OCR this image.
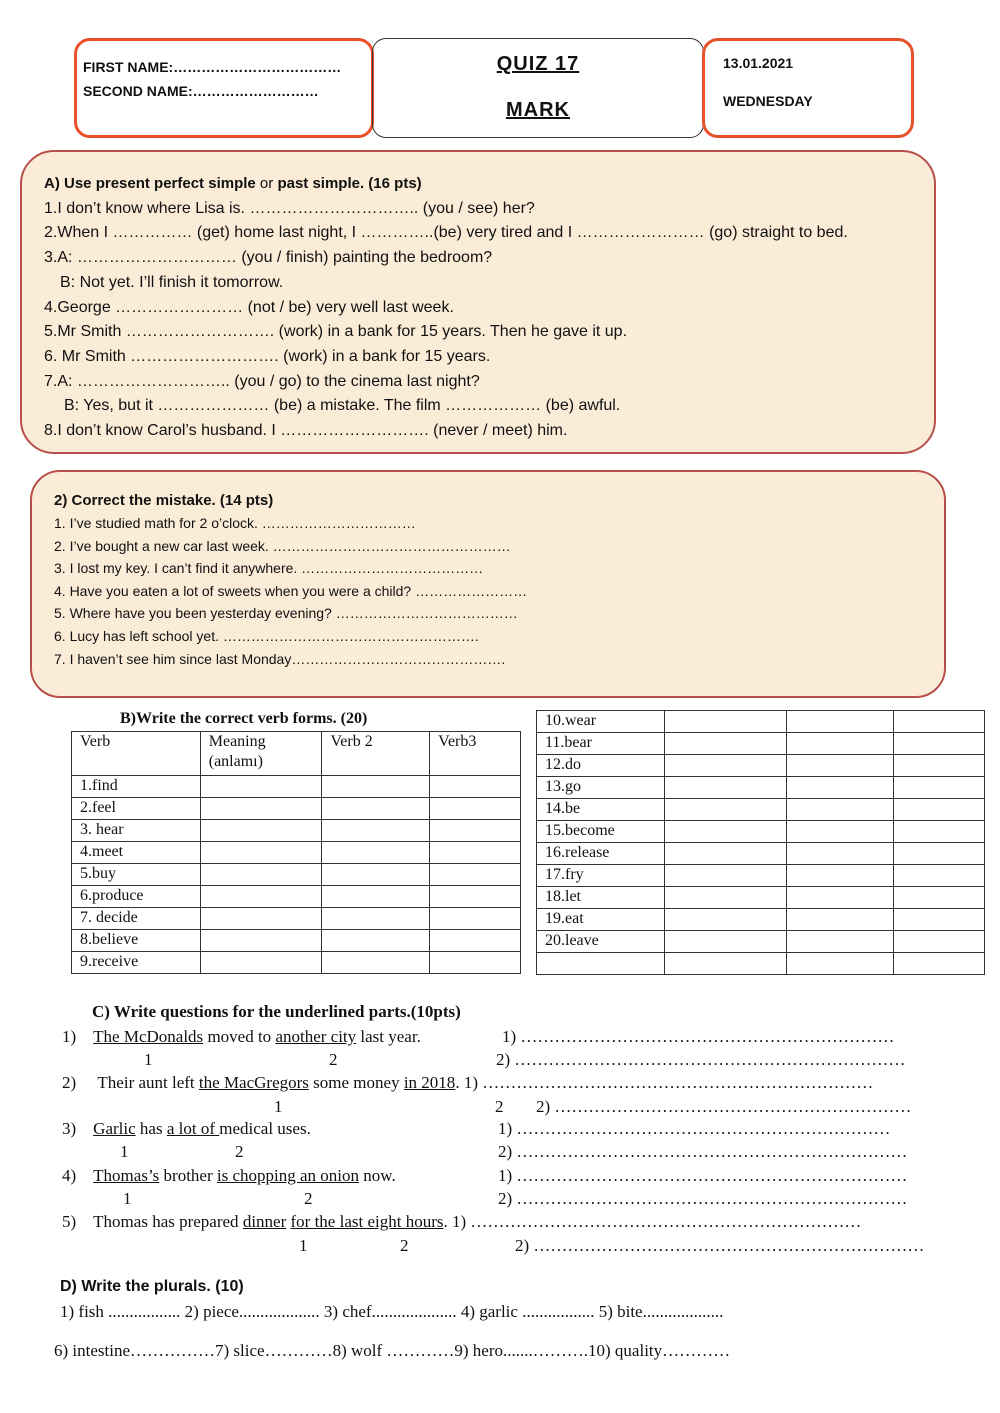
FIRST NAME:………………………………
SECOND NAME:………………………
QUIZ 17
MARK
13.01.2021
WEDNESDAY
A) Use present perfect simple or past simple. (16 pts)
1.I don’t know where Lisa is. ………………………….. (you / see) her?
2.When I …………… (get) home last night, I …………..(be) very tired and I …………………… (go) straight to bed.
3.A: ………………………… (you / finish) painting the bedroom?
B: Not yet. I’ll finish it tomorrow.
4.George …………………… (not / be) very well last week.
5.Mr Smith ………………………. (work) in a bank for 15 years. Then he gave it up.
6. Mr Smith ………………………. (work) in a bank for 15 years.
7.A: ……………………….. (you / go) to the cinema last night?
B: Yes, but it ………………… (be) a mistake. The film ……………… (be) awful.
8.I don’t know Carol’s husband. I ………………………. (never / meet) him.
2) Correct the mistake. (14 pts)
1. I’ve studied math for 2 o’clock. ……………………………
2. I’ve bought a new car last week. ……………………………………………
3. I lost my key. I can’t find it anywhere. …………………………………
4. Have you eaten a lot of sweets when you were a child? ……………………
5. Where have you been yesterday evening? …………………………………
6. Lucy has left school yet. ……………………………………………….
7. I haven’t see him since last Monday……………………………………….
B)Write the correct verb forms. (20)
Verb	Meaning (anlamı)	Verb 2	Verb3
1.find			
2.feel			
3. hear			
4.meet			
5.buy			
6.produce			
7. decide			
8.believe			
9.receive			
10.wear			
11.bear			
12.do			
13.go			
14.be			
15.become			
16.release			
17.fry			
18.let			
19.eat			
20.leave			

C) Write questions for the underlined parts.(10pts)
1) The McDonalds moved to another city last year.	1) …………………………………………………………
1	2	2) ……………………………………………………………
2) Their aunt left the MacGregors some money in 2018. 1) ……………………………………………………………
1	2 2) ………………………………………………………
3) Garlic has a lot of medical uses.	1) …………………………………………………………
1	2	2) ……………………………………………………………
4) Thomas’s brother is chopping an onion now.	1) ……………………………………………………………
1	2	2) ……………………………………………………………
5) Thomas has prepared dinner for the last eight hours. 1) ……………………………………………………………
1	2	2) ……………………………………………………………
1) fish ................. 2) piece................... 3) chef.................... 4) garlic ................. 5) bite...................
6) intestine……………7) slice…………8) wolf …………9) hero.......……….10) quality…………
D) Write the plurals. (10)
